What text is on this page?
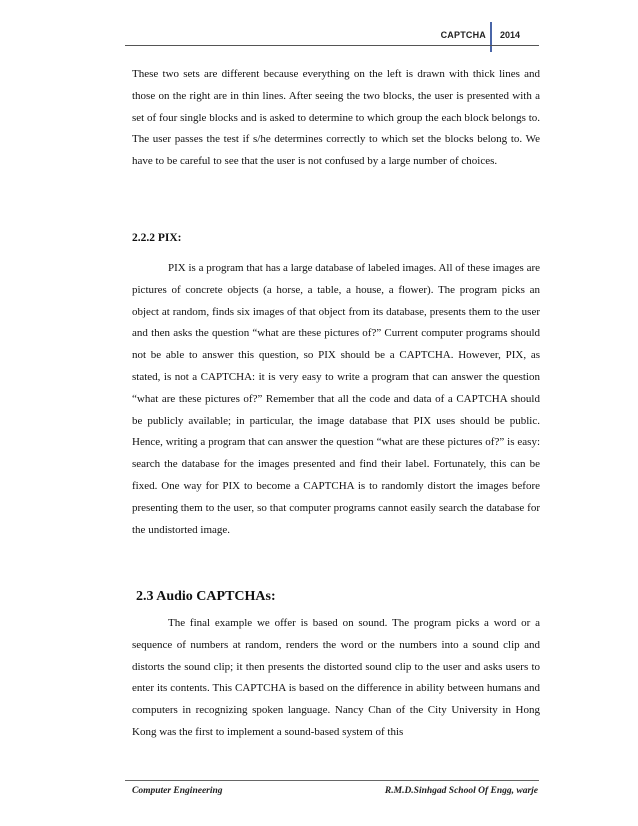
CAPTCHA 2014

These two sets are different because everything on the left is drawn with thick lines and those on the right are in thin lines. After seeing the two blocks, the user is presented with a set of four single blocks and is asked to determine to which group the each block belongs to. The user passes the test if s/he determines correctly to which set the blocks belong to. We have to be careful to see that the user is not confused by a large number of choices.

2.2.2 PIX:

PIX is a program that has a large database of labeled images. All of these images are pictures of concrete objects (a horse, a table, a house, a flower). The program picks an object at random, finds six images of that object from its database, presents them to the user and then asks the question “what are these pictures of?” Current computer programs should not be able to answer this question, so PIX should be a CAPTCHA. However, PIX, as stated, is not a CAPTCHA: it is very easy to write a program that can answer the question “what are these pictures of?” Remember that all the code and data of a CAPTCHA should be publicly available; in particular, the image database that PIX uses should be public. Hence, writing a program that can answer the question “what are these pictures of?” is easy: search the database for the images presented and find their label. Fortunately, this can be fixed. One way for PIX to become a CAPTCHA is to randomly distort the images before presenting them to the user, so that computer programs cannot easily search the database for the undistorted image.

2.3 Audio CAPTCHAs:

The final example we offer is based on sound. The program picks a word or a sequence of numbers at random, renders the word or the numbers into a sound clip and distorts the sound clip; it then presents the distorted sound clip to the user and asks users to enter its contents. This CAPTCHA is based on the difference in ability between humans and computers in recognizing spoken language. Nancy Chan of the City University in Hong Kong was the first to implement a sound-based system of this

Computer Engineering	R.M.D.Sinhgad School Of Engg, warje
